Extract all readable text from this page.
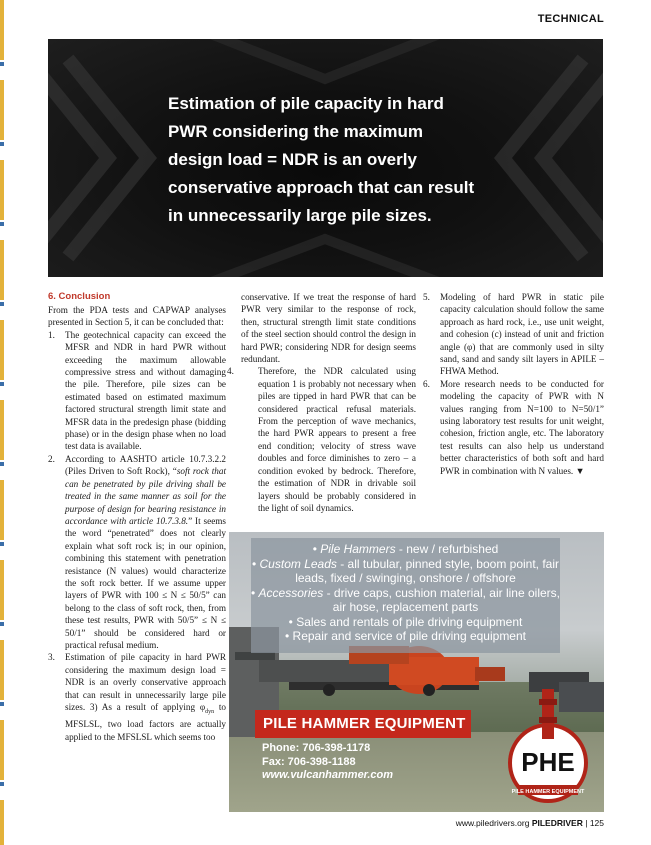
TECHNICAL
Estimation of pile capacity in hard
PWR considering the maximum
design load = NDR is an overly
conservative approach that can result
in unnecessarily large pile sizes.
6. Conclusion
From the PDA tests and CAPWAP analyses presented in Section 5, it can be concluded that:
1. The geotechnical capacity can exceed the MFSR and NDR in hard PWR without exceeding the maximum allowable compressive stress and without damaging the pile. Therefore, pile sizes can be estimated based on estimated maximum factored structural strength limit state and MFSR data in the predesign phase (bidding phase) or in the design phase when no load test data is available.
2. According to AASHTO article 10.7.3.2.2 (Piles Driven to Soft Rock), “soft rock that can be penetrated by pile driving shall be treated in the same manner as soil for the purpose of design for bearing resistance in accordance with article 10.7.3.8.” It seems the word “penetrated” does not clearly explain what soft rock is; in our opinion, combining this statement with penetration resistance (N values) would characterize the soft rock better. If we assume upper layers of PWR with 100 ≤ N ≤ 50/5” can belong to the class of soft rock, then, from these test results, PWR with 50/5” ≤ N ≤ 50/1” should be considered hard or practical refusal medium.
3. Estimation of pile capacity in hard PWR considering the maximum design load = NDR is an overly conservative approach that can result in unnecessarily large pile sizes. 3) As a result of applying $\varphi_{dyn}$ to MFSLSL, two load factors are actually applied to the MFSLSL which seems too
conservative. If we treat the response of hard PWR very similar to the response of rock, then, structural strength limit state conditions of the steel section should control the design in hard PWR; considering NDR for design seems redundant.
4.	Therefore, the NDR calculated using equation 1 is probably not necessary when piles are tipped in hard PWR that can be considered practical refusal materials. From the perception of wave mechanics, the hard PWR appears to present a free end condition; velocity of stress wave doubles and force diminishes to zero – a condition evoked by bedrock. Therefore, the estimation of NDR in drivable soil layers should be probably considered in the light of soil dynamics.
5. Modeling of hard PWR in static pile capacity calculation should follow the same approach as hard rock, i.e., use unit weight, and cohesion (c) instead of unit and friction angle (φ) that are commonly used in silty sand, sand and sandy silt layers in APILE – FHWA Method.
6. More research needs to be conducted for modeling the capacity of PWR with N values ranging from N=100 to N=50/1” using laboratory test results for unit weight, cohesion, friction angle, etc. The laboratory test results can also help us understand better characteristics of both soft and hard PWR in combination with N values. ▼
• Pile Hammers - new / refurbished
• Custom Leads - all tubular, pinned style, boom point, fair leads, fixed / swinging, onshore / offshore
• Accessories - drive caps, cushion material, air line oilers, air hose, replacement parts
• Sales and rentals of pile driving equipment
• Repair and service of pile driving equipment
PILE HAMMER EQUIPMENT
Phone: 706-398-1178
Fax: 706-398-1188
www.vulcanhammer.com	PHE
PILE HAMMER EQUIPMENT
www.piledrivers.org PILEDRIVER | 125
